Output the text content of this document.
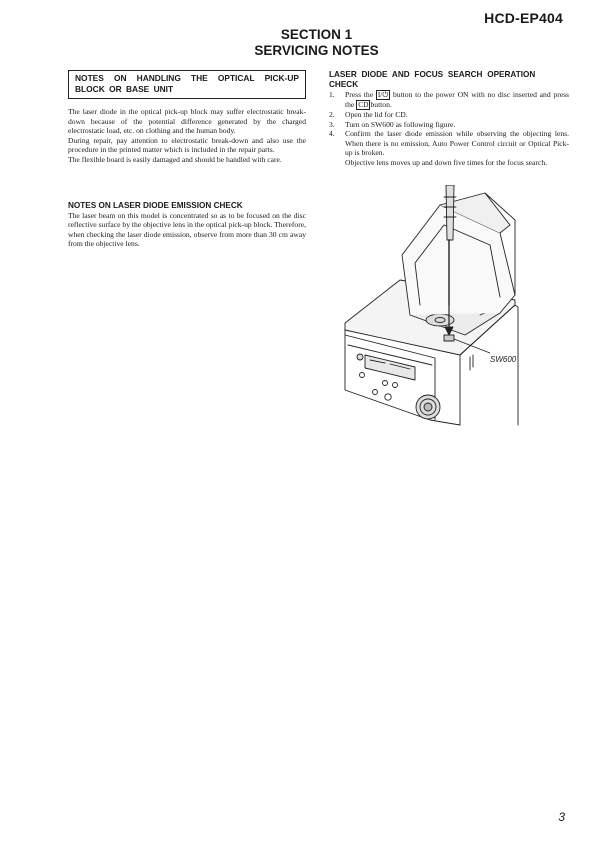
HCD-EP404
SECTION 1
SERVICING NOTES
NOTES ON HANDLING THE OPTICAL PICK-UP BLOCK OR BASE UNIT

The laser diode in the optical pick-up block may suffer electrostatic break-down because of the potential difference generated by the charged electrostatic load, etc. on clothing and the human body.

During repair, pay attention to electrostatic break-down and also use the procedure in the printed matter which is included in the repair parts.

The flexible board is easily damaged and should be handled with care.

NOTES ON LASER DIODE EMISSION CHECK

The laser beam on this model is concentrated so as to be focused on the disc reflective surface by the objective lens in the optical pick-up block. Therefore, when checking the laser diode emission, observe from more than 30 cm away from the objective lens.

LASER DIODE AND FOCUS SEARCH OPERATION CHECK

1. Press the I/⏻ button to the power ON with no disc inserted and press the CD button.
2. Open the lid for CD.
3. Turn on SW600 as following figure.
4. Confirm the laser diode emission while observing the objecting lens. When there is no emission, Auto Power Control circuit or Optical Pick-up is broken.
Objective lens moves up and down five times for the focus search.
SW600
3
